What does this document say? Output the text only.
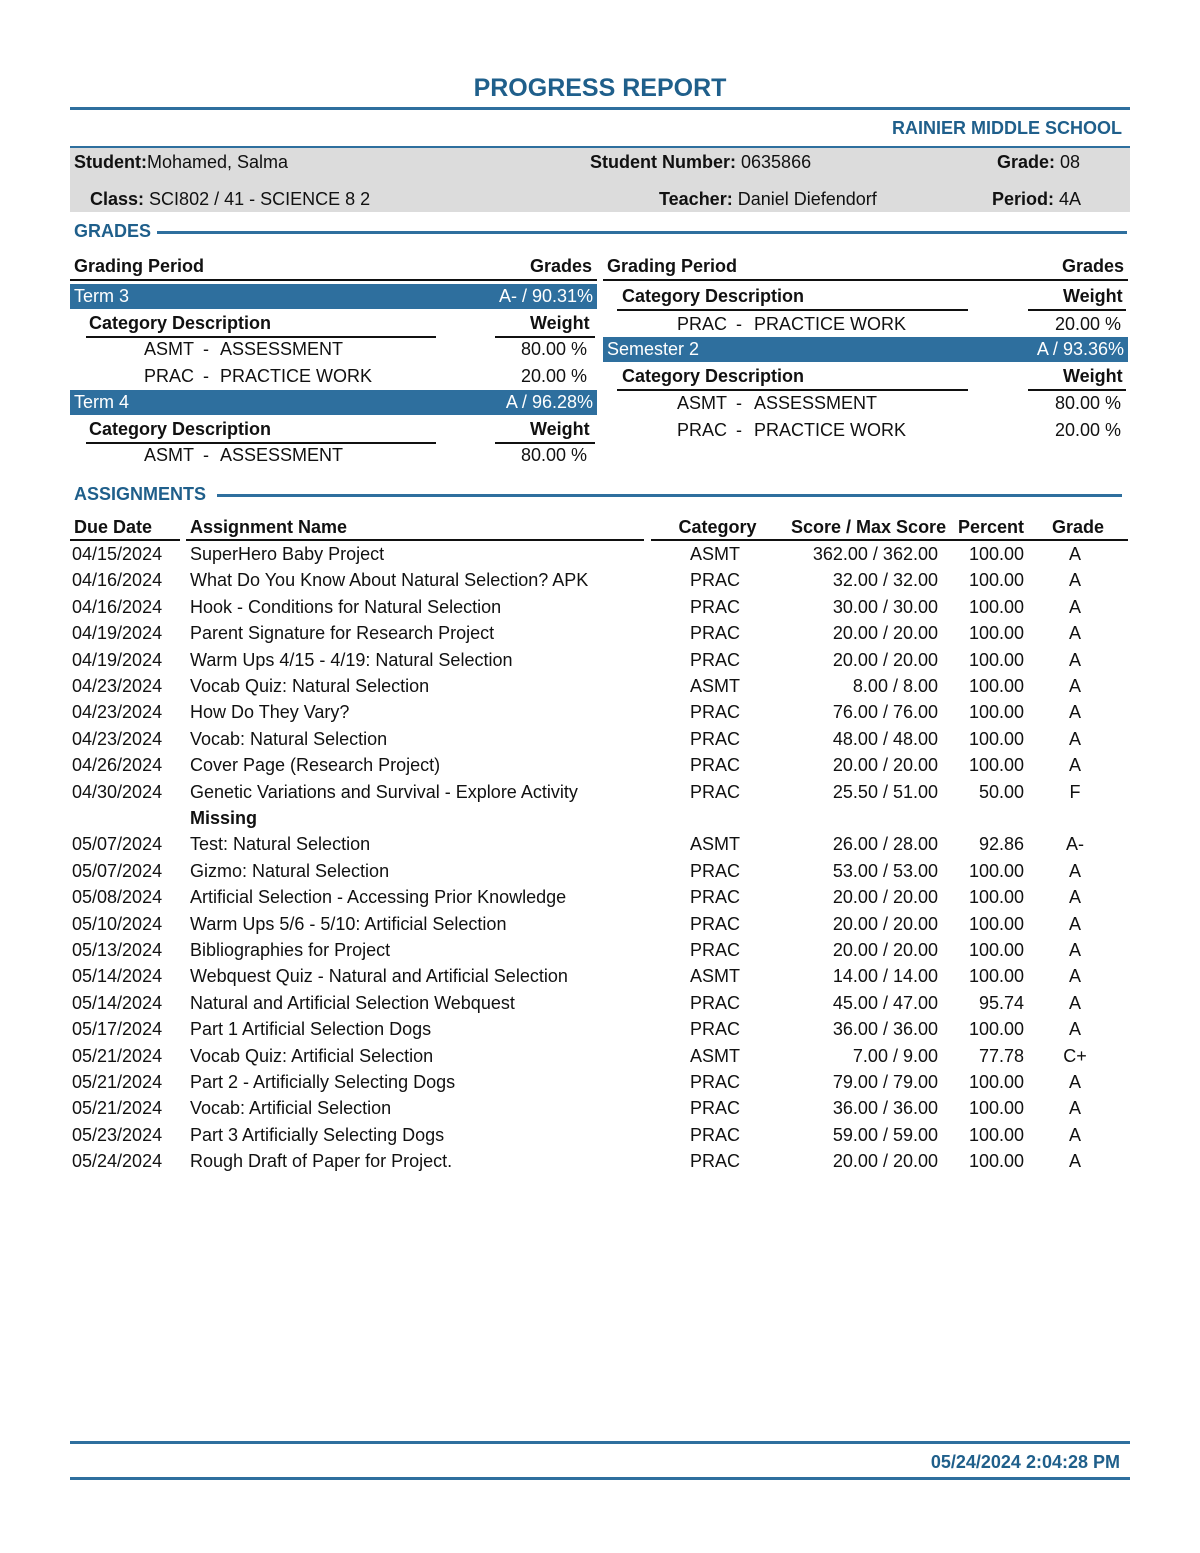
PROGRESS REPORT
RAINIER MIDDLE SCHOOL
Student:Mohamed, Salma	Student Number: 0635866	Grade: 08
Class: SCI802 / 41 - SCIENCE 8 2	Teacher: Daniel Diefendorf	Period: 4A
GRADES
Grading Period	Grades
Term 3	A- / 90.31%
Category Description	Weight
ASMT - ASSESSMENT	80.00 %
PRAC - PRACTICE WORK	20.00 %
Term 4	A / 96.28%
Category Description	Weight
ASMT - ASSESSMENT	80.00 %
Grading Period	Grades
Category Description	Weight
PRAC - PRACTICE WORK	20.00 %
Semester 2	A / 93.36%
Category Description	Weight
ASMT - ASSESSMENT	80.00 %
PRAC - PRACTICE WORK	20.00 %
ASSIGNMENTS
Due Date Assignment Name	Category	Score / Max Score Percent Grade
04/15/2024 SuperHero Baby Project	ASMT	362.00 / 362.00 100.00	A
04/16/2024 What Do You Know About Natural Selection? APK	PRAC	32.00 / 32.00 100.00	A
04/16/2024 Hook - Conditions for Natural Selection	PRAC	30.00 / 30.00 100.00	A
04/19/2024 Parent Signature for Research Project	PRAC	20.00 / 20.00 100.00	A
04/19/2024 Warm Ups 4/15 - 4/19: Natural Selection	PRAC	20.00 / 20.00 100.00	A
04/23/2024 Vocab Quiz: Natural Selection	ASMT	8.00 / 8.00 100.00	A
04/23/2024 How Do They Vary?	PRAC	76.00 / 76.00 100.00	A
04/23/2024 Vocab: Natural Selection	PRAC	48.00 / 48.00 100.00	A
04/26/2024 Cover Page (Research Project)	PRAC	20.00 / 20.00 100.00	A
04/30/2024 Genetic Variations and Survival - Explore Activity	PRAC	25.50 / 51.00 50.00	F
Missing
05/07/2024 Test: Natural Selection	ASMT	26.00 / 28.00 92.86	A-
05/07/2024 Gizmo: Natural Selection	PRAC	53.00 / 53.00 100.00	A
05/08/2024 Artificial Selection - Accessing Prior Knowledge	PRAC	20.00 / 20.00 100.00	A
05/10/2024 Warm Ups 5/6 - 5/10: Artificial Selection	PRAC	20.00 / 20.00 100.00	A
05/13/2024 Bibliographies for Project	PRAC	20.00 / 20.00 100.00	A
05/14/2024 Webquest Quiz - Natural and Artificial Selection	ASMT	14.00 / 14.00 100.00	A
05/14/2024 Natural and Artificial Selection Webquest	PRAC	45.00 / 47.00 95.74	A
05/17/2024 Part 1 Artificial Selection Dogs	PRAC	36.00 / 36.00 100.00	A
05/21/2024 Vocab Quiz: Artificial Selection	ASMT	7.00 / 9.00 77.78	C+
05/21/2024 Part 2 - Artificially Selecting Dogs	PRAC	79.00 / 79.00 100.00	A
05/21/2024 Vocab: Artificial Selection	PRAC	36.00 / 36.00 100.00	A
05/23/2024 Part 3 Artificially Selecting Dogs	PRAC	59.00 / 59.00 100.00	A
05/24/2024 Rough Draft of Paper for Project.	PRAC	20.00 / 20.00 100.00	A
05/24/2024 2:04:28 PM
